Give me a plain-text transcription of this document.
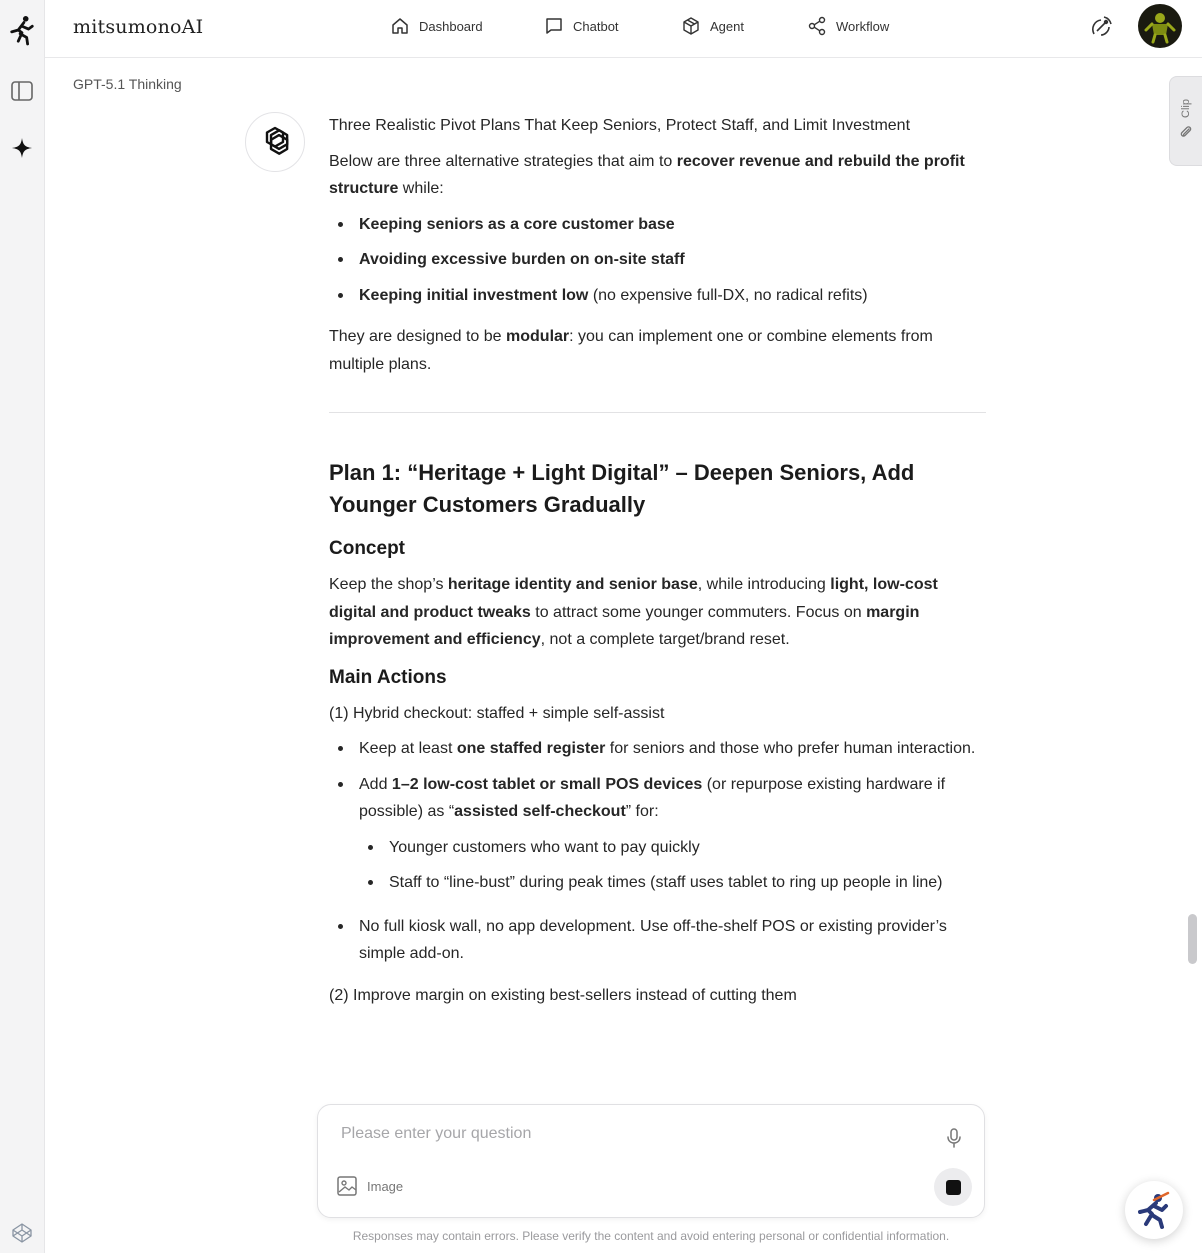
mitsumonoAI	Dashboard	Chatbot	Agent	Workflow
GPT-5.1 Thinking
Clip

Three Realistic Pivot Plans That Keep Seniors, Protect Staff, and Limit Investment

Below are three alternative strategies that aim to recover revenue and rebuild the profit structure while:

Keeping seniors as a core customer base
Avoiding excessive burden on on-site staff
Keeping initial investment low (no expensive full-DX, no radical refits)

They are designed to be modular: you can implement one or combine elements from multiple plans.

Plan 1: “Heritage + Light Digital” – Deepen Seniors, Add Younger Customers Gradually
Concept

Keep the shop’s heritage identity and senior base, while introducing light, low-cost digital and product tweaks to attract some younger commuters. Focus on margin improvement and efficiency, not a complete target/brand reset.

Main Actions

(1) Hybrid checkout: staffed + simple self-assist

Keep at least one staffed register for seniors and those who prefer human interaction.
Add 1–2 low-cost tablet or small POS devices (or repurpose existing hardware if possible) as “assisted self-checkout” for:
Younger customers who want to pay quickly
Staff to “line-bust” during peak times (staff uses tablet to ring up people in line)
No full kiosk wall, no app development. Use off-the-shelf POS or existing provider’s simple add-on.

(2) Improve margin on existing best-sellers instead of cutting them

Please enter your question
Image
Responses may contain errors. Please verify the content and avoid entering personal or confidential information.
